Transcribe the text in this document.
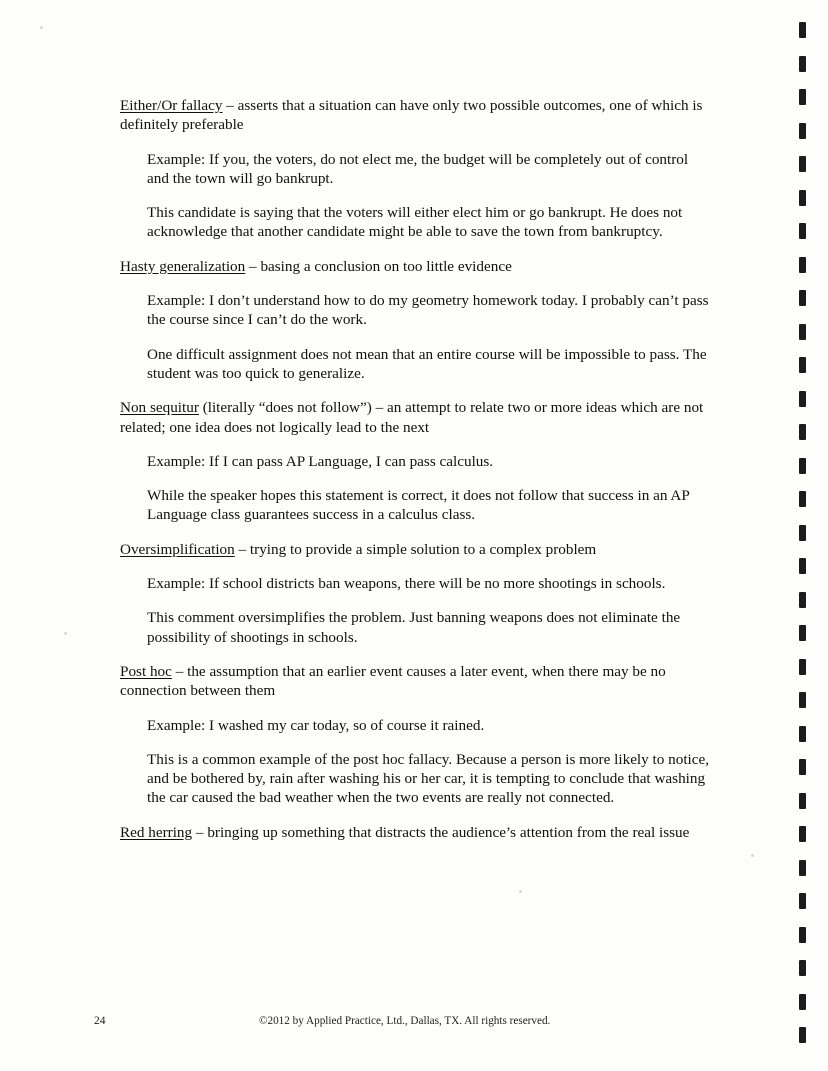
Either/Or fallacy – asserts that a situation can have only two possible outcomes, one of which is definitely preferable

Example: If you, the voters, do not elect me, the budget will be completely out of control and the town will go bankrupt.

This candidate is saying that the voters will either elect him or go bankrupt. He does not acknowledge that another candidate might be able to save the town from bankruptcy.

Hasty generalization – basing a conclusion on too little evidence

Example: I don’t understand how to do my geometry homework today. I probably can’t pass the course since I can’t do the work.

One difficult assignment does not mean that an entire course will be impossible to pass. The student was too quick to generalize.

Non sequitur (literally “does not follow”) – an attempt to relate two or more ideas which are not related; one idea does not logically lead to the next

Example: If I can pass AP Language, I can pass calculus.

While the speaker hopes this statement is correct, it does not follow that success in an AP Language class guarantees success in a calculus class.

Oversimplification – trying to provide a simple solution to a complex problem

Example: If school districts ban weapons, there will be no more shootings in schools.

This comment oversimplifies the problem. Just banning weapons does not eliminate the possibility of shootings in schools.

Post hoc – the assumption that an earlier event causes a later event, when there may be no connection between them

Example: I washed my car today, so of course it rained.

This is a common example of the post hoc fallacy. Because a person is more likely to notice, and be bothered by, rain after washing his or her car, it is tempting to conclude that washing the car caused the bad weather when the two events are really not connected.

Red herring – bringing up something that distracts the audience’s attention from the real issue

24	©2012 by Applied Practice, Ltd., Dallas, TX. All rights reserved.
